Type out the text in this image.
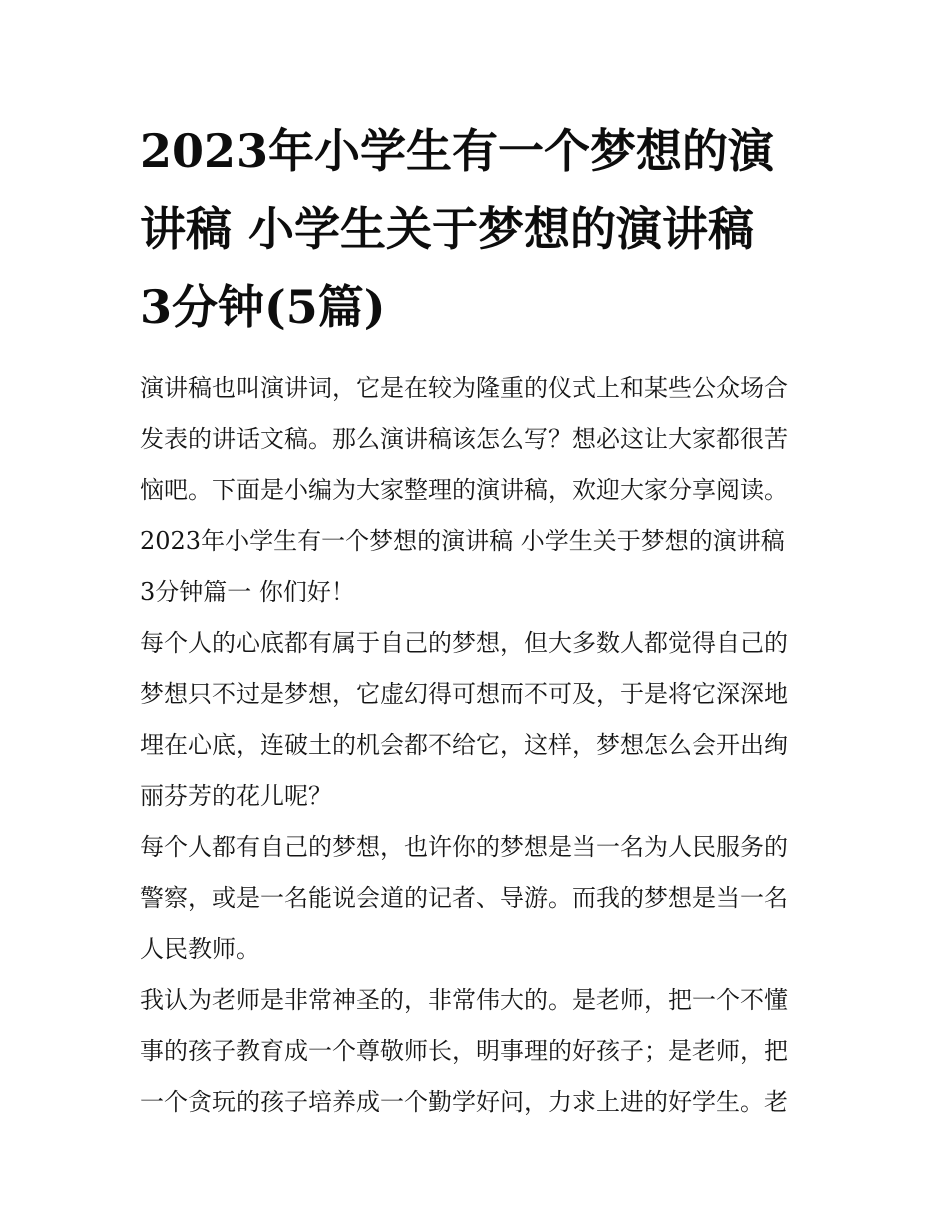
2023年小学生有一个梦想的演
讲稿 小学生关于梦想的演讲稿
3分钟(5篇)

演讲稿也叫演讲词，它是在较为隆重的仪式上和某些公众场合
发表的讲话文稿。那么演讲稿该怎么写？想必这让大家都很苦
恼吧。下面是小编为大家整理的演讲稿，欢迎大家分享阅读。

2023年小学生有一个梦想的演讲稿 小学生关于梦想的演讲稿
3分钟篇一 你们好！

每个人的心底都有属于自己的梦想，但大多数人都觉得自己的
梦想只不过是梦想，它虚幻得可想而不可及，于是将它深深地
埋在心底，连破土的机会都不给它，这样，梦想怎么会开出绚
丽芬芳的花儿呢？

每个人都有自己的梦想，也许你的梦想是当一名为人民服务的
警察，或是一名能说会道的记者、导游。而我的梦想是当一名
人民教师。

我认为老师是非常神圣的，非常伟大的。是老师，把一个不懂
事的孩子教育成一个尊敬师长，明事理的好孩子；是老师，把
一个贪玩的孩子培养成一个勤学好问，力求上进的好学生。老
